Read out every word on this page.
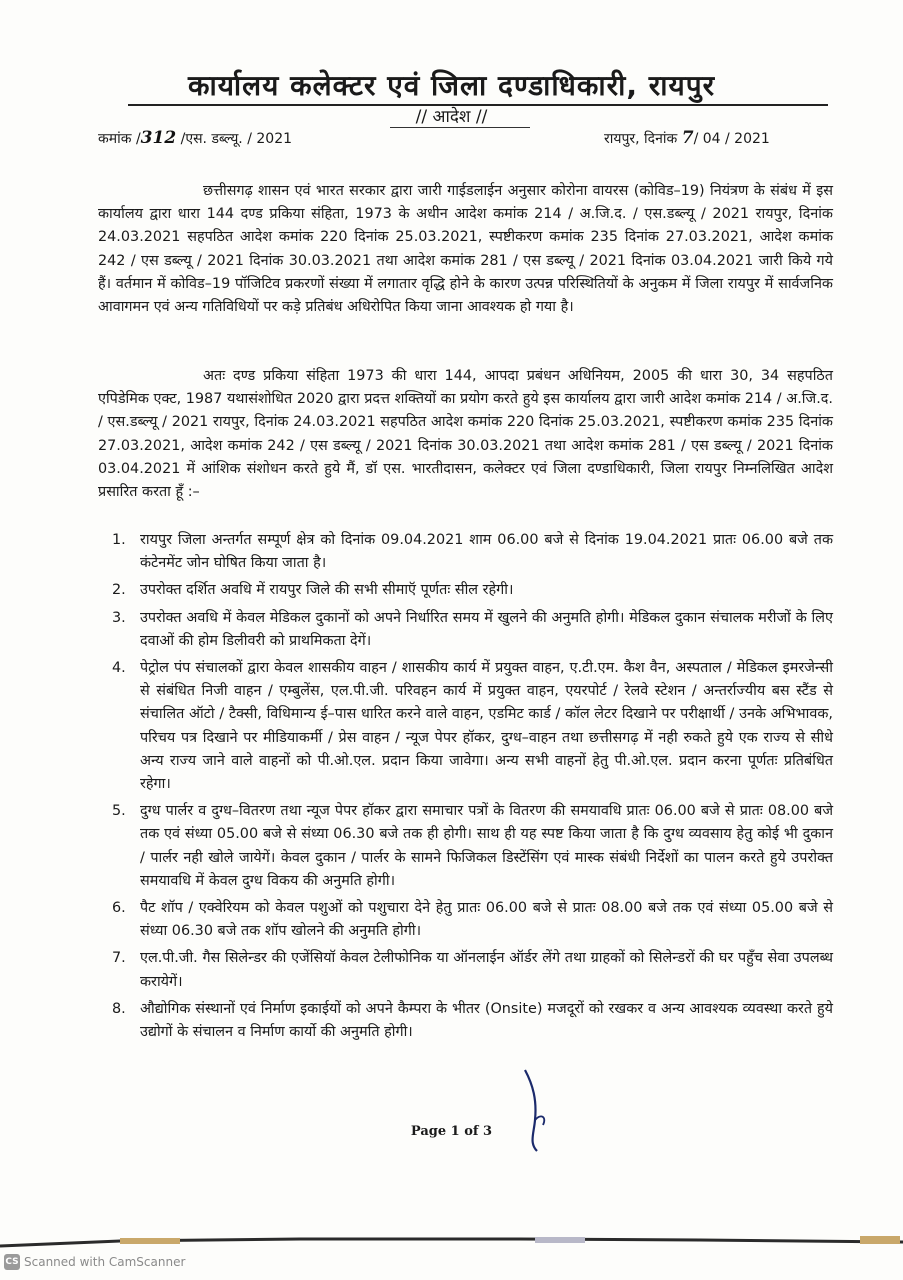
कार्यालय कलेक्टर एवं जिला दण्डाधिकारी, रायपुर
// आदेश //
कमांक /312 /एस. डब्ल्यू. / 2021	रायपुर, दिनांक 7/ 04 / 2021

छत्तीसगढ़ शासन एवं भारत सरकार द्वारा जारी गाईडलाईन अनुसार कोरोना वायरस (कोविड–19) नियंत्रण के संबंध में इस कार्यालय द्वारा धारा 144 दण्ड प्रकिया संहिता, 1973 के अधीन आदेश कमांक 214 / अ.जि.द. / एस.डब्ल्यू / 2021 रायपुर, दिनांक 24.03.2021 सहपठित आदेश कमांक 220 दिनांक 25.03.2021, स्पष्टीकरण कमांक 235 दिनांक 27.03.2021, आदेश कमांक 242 / एस डब्ल्यू / 2021 दिनांक 30.03.2021 तथा आदेश कमांक 281 / एस डब्ल्यू / 2021 दिनांक 03.04.2021 जारी किये गये हैं। वर्तमान में कोविड–19 पॉजिटिव प्रकरणों संख्या में लगातार वृद्धि होने के कारण उत्पन्न परिस्थितियों के अनुकम में जिला रायपुर में सार्वजनिक आवागमन एवं अन्य गतिविधियों पर कड़े प्रतिबंध अधिरोपित किया जाना आवश्यक हो गया है।

अतः दण्ड प्रकिया संहिता 1973 की धारा 144, आपदा प्रबंधन अधिनियम, 2005 की धारा 30, 34 सहपठित एपिडेमिक एक्ट, 1987 यथासंशोधित 2020 द्वारा प्रदत्त शक्तियों का प्रयोग करते हुये इस कार्यालय द्वारा जारी आदेश कमांक 214 / अ.जि.द. / एस.डब्ल्यू / 2021 रायपुर, दिनांक 24.03.2021 सहपठित आदेश कमांक 220 दिनांक 25.03.2021, स्पष्टीकरण कमांक 235 दिनांक 27.03.2021, आदेश कमांक 242 / एस डब्ल्यू / 2021 दिनांक 30.03.2021 तथा आदेश कमांक 281 / एस डब्ल्यू / 2021 दिनांक 03.04.2021 में आंशिक संशोधन करते हुये मैं, डॉ एस. भारतीदासन, कलेक्टर एवं जिला दण्डाधिकारी, जिला रायपुर निम्नलिखित आदेश प्रसारित करता हूँ :–

1. रायपुर जिला अन्तर्गत सम्पूर्ण क्षेत्र को दिनांक 09.04.2021 शाम 06.00 बजे से दिनांक 19.04.2021 प्रातः 06.00 बजे तक कंटेनमेंट जोन घोषित किया जाता है।
2. उपरोक्त दर्शित अवधि में रायपुर जिले की सभी सीमाऍ पूर्णतः सील रहेगी।
3. उपरोक्त अवधि में केवल मेडिकल दुकानों को अपने निर्धारित समय में खुलने की अनुमति होगी। मेडिकल दुकान संचालक मरीजों के लिए दवाओं की होम डिलीवरी को प्राथमिकता देगें।
4. पेट्रोल पंप संचालकों द्वारा केवल शासकीय वाहन / शासकीय कार्य में प्रयुक्त वाहन, ए.टी.एम. कैश वैन, अस्पताल / मेडिकल इमरजेन्सी से संबंधित निजी वाहन / एम्बुलेंस, एल.पी.जी. परिवहन कार्य में प्रयुक्त वाहन, एयरपोर्ट / रेलवे स्टेशन / अन्तर्राज्यीय बस स्टैंड से संचालित ऑटो / टैक्सी, विधिमान्य ई–पास धारित करने वाले वाहन, एडमिट कार्ड / कॉल लेटर दिखाने पर परीक्षार्थी / उनके अभिभावक, परिचय पत्र दिखाने पर मीडियाकर्मी / प्रेस वाहन / न्यूज पेपर हॉकर, दुग्ध–वाहन तथा छत्तीसगढ़ में नही रुकते हुये एक राज्य से सीधे अन्य राज्य जाने वाले वाहनों को पी.ओ.एल. प्रदान किया जावेगा। अन्य सभी वाहनों हेतु पी.ओ.एल. प्रदान करना पूर्णतः प्रतिबंधित रहेगा।
5. दुग्ध पार्लर व दुग्ध–वितरण तथा न्यूज पेपर हॉकर द्वारा समाचार पत्रों के वितरण की समयावधि प्रातः 06.00 बजे से प्रातः 08.00 बजे तक एवं संध्या 05.00 बजे से संध्या 06.30 बजे तक ही होगी। साथ ही यह स्पष्ट किया जाता है कि दुग्ध व्यवसाय हेतु कोई भी दुकान / पार्लर नही खोले जायेगें। केवल दुकान / पार्लर के सामने फिजिकल डिस्टेंसिंग एवं मास्क संबंधी निर्देशों का पालन करते हुये उपरोक्त समयावधि में केवल दुग्ध विकय की अनुमति होगी।
6. पैट शॉप / एक्वेरियम को केवल पशुओं को पशुचारा देने हेतु प्रातः 06.00 बजे से प्रातः 08.00 बजे तक एवं संध्या 05.00 बजे से संध्या 06.30 बजे तक शॉप खोलने की अनुमति होगी।
7. एल.पी.जी. गैस सिलेन्डर की एजेंसियॉ केवल टेलीफोनिक या ऑनलाईन ऑर्डर लेंगे तथा ग्राहकों को सिलेन्डरों की घर पहुँच सेवा उपलब्ध करायेगें।
8. औद्योगिक संस्थानों एवं निर्माण इकाईयों को अपने कैम्परा के भीतर (Onsite) मजदूरों को रखकर व अन्य आवश्यक व्यवस्था करते हुये उद्योगों के संचालन व निर्माण कार्यो की अनुमति होगी।
Page 1 of 3
CS Scanned with CamScanner
